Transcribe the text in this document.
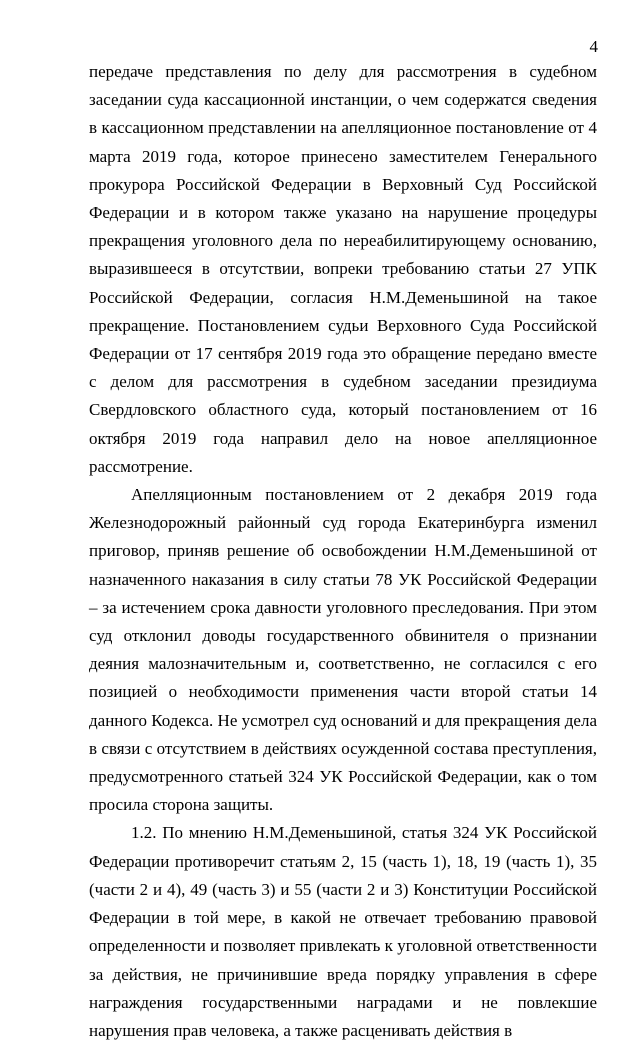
4

передаче представления по делу для рассмотрения в судебном заседании суда кассационной инстанции, о чем содержатся сведения в кассационном представлении на апелляционное постановление от 4 марта 2019 года, которое принесено заместителем Генерального прокурора Российской Федерации в Верховный Суд Российской Федерации и в котором также указано на нарушение процедуры прекращения уголовного дела по нереабилитирующему основанию, выразившееся в отсутствии, вопреки требованию статьи 27 УПК Российской Федерации, согласия Н.М.Деменьшиной на такое прекращение. Постановлением судьи Верховного Суда Российской Федерации от 17 сентября 2019 года это обращение передано вместе с делом для рассмотрения в судебном заседании президиума Свердловского областного суда, который постановлением от 16 октября 2019 года направил дело на новое апелляционное рассмотрение.

Апелляционным постановлением от 2 декабря 2019 года Железнодорожный районный суд города Екатеринбурга изменил приговор, приняв решение об освобождении Н.М.Деменьшиной от назначенного наказания в силу статьи 78 УК Российской Федерации – за истечением срока давности уголовного преследования. При этом суд отклонил доводы государственного обвинителя о признании деяния малозначительным и, соответственно, не согласился с его позицией о необходимости применения части второй статьи 14 данного Кодекса. Не усмотрел суд оснований и для прекращения дела в связи с отсутствием в действиях осужденной состава преступления, предусмотренного статьей 324 УК Российской Федерации, как о том просила сторона защиты.

1.2. По мнению Н.М.Деменьшиной, статья 324 УК Российской Федерации противоречит статьям 2, 15 (часть 1), 18, 19 (часть 1), 35 (части 2 и 4), 49 (часть 3) и 55 (части 2 и 3) Конституции Российской Федерации в той мере, в какой не отвечает требованию правовой определенности и позволяет привлекать к уголовной ответственности за действия, не причинившие вреда порядку управления в сфере награждения государственными наградами и не повлекшие нарушения прав человека, а также расценивать действия в
